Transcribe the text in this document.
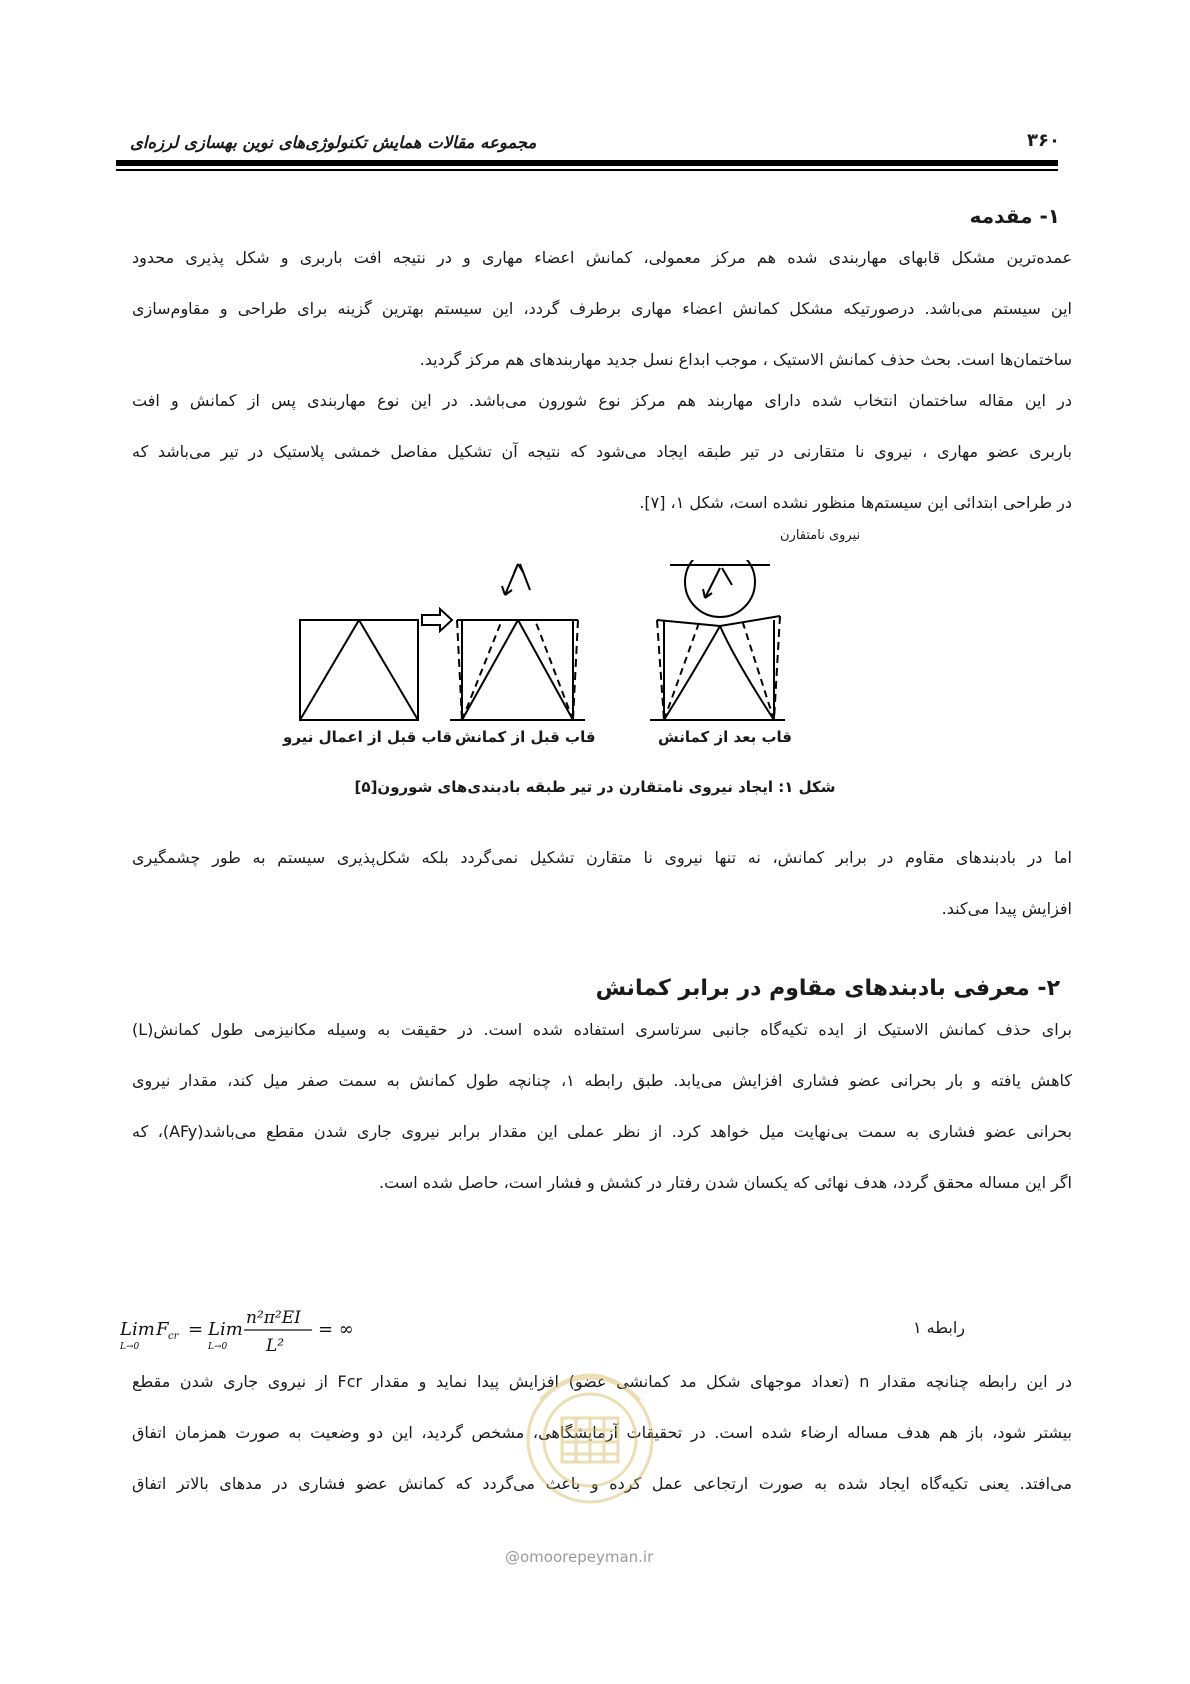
مجموعه مقالات همایش تکنولوژی‌های نوین بهسازی لرزه‌ای	۳۶۰
۱- مقدمه
عمده‌ترین مشکل قابهای مهاربندی شده هم مرکز معمولی، کمانش اعضاء مهاری و در نتیجه افت باربری و شکل پذیری محدود
این سیستم می‌باشد. درصورتیکه مشکل کمانش اعضاء مهاری برطرف گردد، این سیستم بهترین گزینه برای طراحی و مقاوم‌سازی
ساختمان‌ها است. بحث حذف کمانش الاستیک ، موجب ابداع نسل جدید مهاربندهای هم مرکز گردید.
در این مقاله ساختمان انتخاب شده دارای مهاربند هم مرکز نوع شورون می‌باشد. در این نوع مهاربندی پس از کمانش و افت
باربری عضو مهاری ، نیروی نا متقارنی در تیر طبقه ایجاد می‌شود که نتیجه آن تشکیل مفاصل خمشی پلاستیک در تیر می‌باشد که
در طراحی ابتدائی این سیستم‌ها منظور نشده است، شکل ۱، [۷].
نیروی نامتقارن
قاب قبل از اعمال نیرو قاب قبل از کمانش	قاب بعد از کمانش
شکل ۱: ایجاد نیروی نامتقارن در تیر طبقه بادبندی‌های شورون[۵]
اما در بادبندهای مقاوم در برابر کمانش، نه تنها نیروی نا متقارن تشکیل نمی‌گردد بلکه شکل‌پذیری سیستم به طور چشمگیری
افزایش پیدا می‌کند.
۲- معرفی بادبندهای مقاوم در برابر کمانش
برای حذف کمانش الاستیک از ایده تکیه‌گاه جانبی سرتاسری استفاده شده است. در حقیقت به وسیله مکانیزمی طول کمانش(L)
کاهش یافته و بار بحرانی عضو فشاری افزایش می‌یابد. طبق رابطه ۱، چنانچه طول کمانش به سمت صفر میل کند، مقدار نیروی
بحرانی عضو فشاری به سمت بی‌نهایت میل خواهد کرد. از نظر عملی این مقدار برابر نیروی جاری شدن مقطع می‌باشد(AFy)، که
اگر این مساله محقق گردد، هدف نهائی که یکسان شدن رفتار در کشش و فشار است، حاصل شده است.
Lim
L→0
F cr = Lim
L→0
n²π²EI
L²
= ∞	رابطه ۱
در این رابطه چنانچه مقدار n (تعداد موجهای شکل مد کمانشی عضو) افزایش پیدا نماید و مقدار Fcr از نیروی جاری شدن مقطع
بیشتر شود، باز هم هدف مساله ارضاء شده است. در تحقیقات آزمایشگاهی، مشخص گردید، این دو وضعیت به صورت همزمان اتفاق
می‌افتد. یعنی تکیه‌گاه ایجاد شده به صورت ارتجاعی عمل کرده و باعث می‌گردد که کمانش عضو فشاری در مدهای بالاتر اتفاق
@omoorepeyman.ir
